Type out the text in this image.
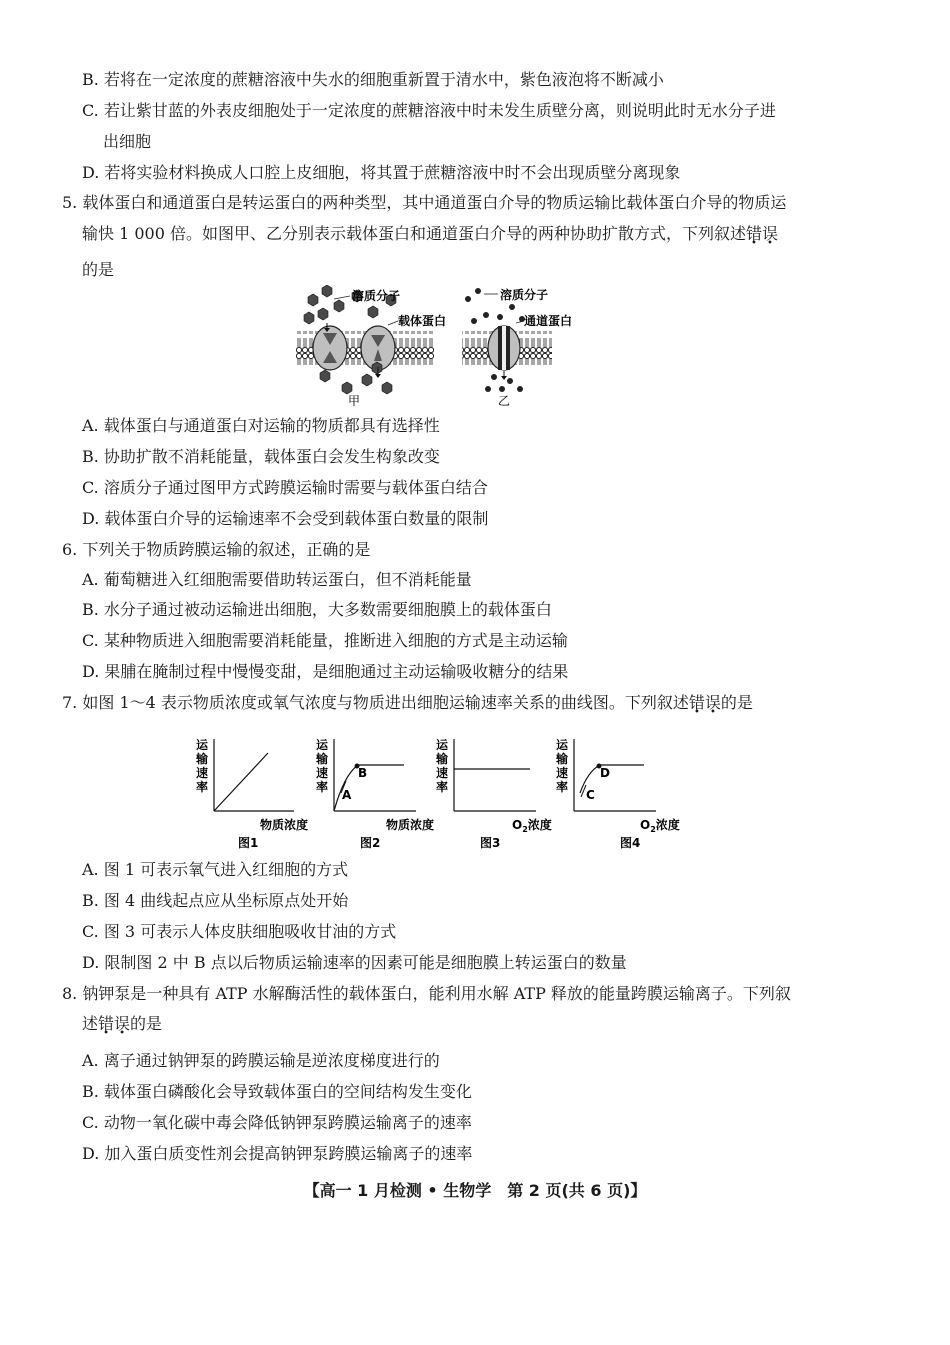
B. 若将在一定浓度的蔗糖溶液中失水的细胞重新置于清水中，紫色液泡将不断减小
C. 若让紫甘蓝的外表皮细胞处于一定浓度的蔗糖溶液中时未发生质壁分离，则说明此时无水分子进
出细胞
D. 若将实验材料换成人口腔上皮细胞，将其置于蔗糖溶液中时不会出现质壁分离现象
5. 载体蛋白和通道蛋白是转运蛋白的两种类型，其中通道蛋白介导的物质运输比载体蛋白介导的物质运
输快 1 000 倍。如图甲、乙分别表示载体蛋白和通道蛋白介导的两种协助扩散方式，下列叙述错误
的是
溶质分子
载体蛋白
甲
溶质分子
通道蛋白
乙
A. 载体蛋白与通道蛋白对运输的物质都具有选择性
B. 协助扩散不消耗能量，载体蛋白会发生构象改变
C. 溶质分子通过图甲方式跨膜运输时需要与载体蛋白结合
D. 载体蛋白介导的运输速率不会受到载体蛋白数量的限制
6. 下列关于物质跨膜运输的叙述，正确的是
A. 葡萄糖进入红细胞需要借助转运蛋白，但不消耗能量
B. 水分子通过被动运输进出细胞，大多数需要细胞膜上的载体蛋白
C. 某种物质进入细胞需要消耗能量，推断进入细胞的方式是主动运输
D. 果脯在腌制过程中慢慢变甜，是细胞通过主动运输吸收糖分的结果
7. 如图 1～4 表示物质浓度或氧气浓度与物质进出细胞运输速率关系的曲线图。下列叙述错误的是
运
输
速
率
物质浓度
图1
运
输
速
率
B
A
物质浓度
图2
运
输
速
率
$O_2$浓度
图3
运
输
速
率
D
C
$O_2$浓度
图4
A. 图 1 可表示氧气进入红细胞的方式
B. 图 4 曲线起点应从坐标原点处开始
C. 图 3 可表示人体皮肤细胞吸收甘油的方式
D. 限制图 2 中 B 点以后物质运输速率的因素可能是细胞膜上转运蛋白的数量
8. 钠钾泵是一种具有 ATP 水解酶活性的载体蛋白，能利用水解 ATP 释放的能量跨膜运输离子。下列叙
述错误的是
A. 离子通过钠钾泵的跨膜运输是逆浓度梯度进行的
B. 载体蛋白磷酸化会导致载体蛋白的空间结构发生变化
C. 动物一氧化碳中毒会降低钠钾泵跨膜运输离子的速率
D. 加入蛋白质变性剂会提高钠钾泵跨膜运输离子的速率
【高一 1 月检测 • 生物学　第 2 页(共 6 页)】
